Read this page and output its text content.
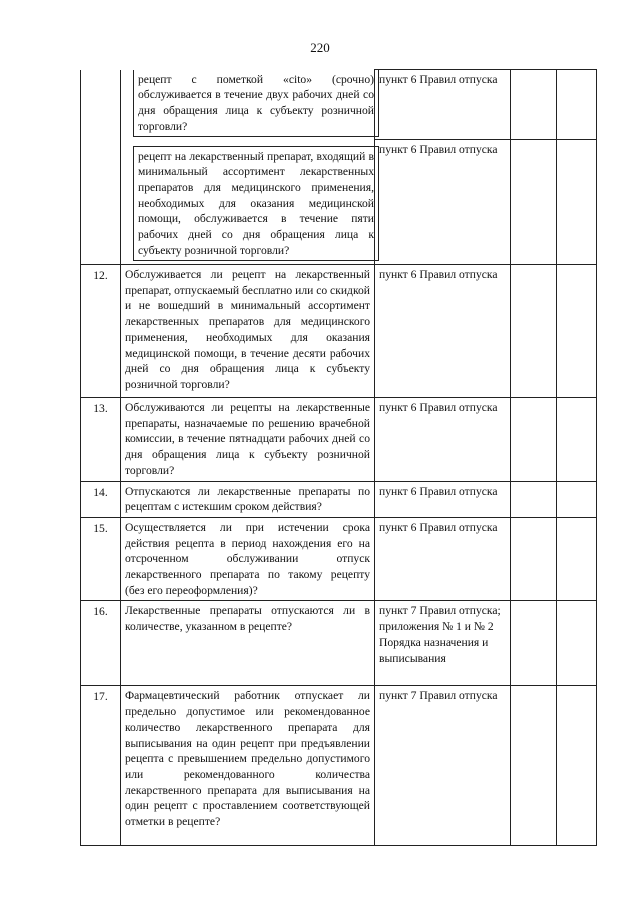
220

	рецепт с пометкой «cito» (срочно) обслуживается в течение двух рабочих дней со дня обращения лица к субъекту розничной торговли?	пункт 6 Правил отпуска		

	рецепт на лекарственный препарат, входящий в минимальный ассортимент лекарственных препаратов для медицинского применения, необходимых для оказания медицинской помощи, обслуживается в течение пяти рабочих дней со дня обращения лица к субъекту розничной торговли?	пункт 6 Правил отпуска		
12.	Обслуживается ли рецепт на лекарственный препарат, отпускаемый бесплатно или со скидкой и не вошедший в минимальный ассортимент лекарственных препаратов для медицинского применения, необходимых для оказания медицинской помощи, в течение десяти рабочих дней со дня обращения лица к субъекту розничной торговли?	пункт 6 Правил отпуска		
13.	Обслуживаются ли рецепты на лекарственные препараты, назначаемые по решению врачебной комиссии, в течение пятнадцати рабочих дней со дня обращения лица к субъекту розничной торговли?	пункт 6 Правил отпуска		
14.	Отпускаются ли лекарственные препараты по рецептам с истекшим сроком действия?	пункт 6 Правил отпуска		
15.	Осуществляется ли при истечении срока действия рецепта в период нахождения его на отсроченном обслуживании отпуск лекарственного препарата по такому рецепту (без его переоформления)?	пункт 6 Правил отпуска		
16.	Лекарственные препараты отпускаются ли в количестве, указанном в рецепте?	пункт 7 Правил отпуска; приложения № 1 и № 2 Порядка назначения и выписывания		
17.	Фармацевтический работник отпускает ли предельно допустимое или рекомендованное количество лекарственного препарата для выписывания на один рецепт при предъявлении рецепта с превышением предельно допустимого или рекомендованного количества лекарственного препарата для выписывания на один рецепт с проставлением соответствующей отметки в рецепте?	пункт 7 Правил отпуска		
